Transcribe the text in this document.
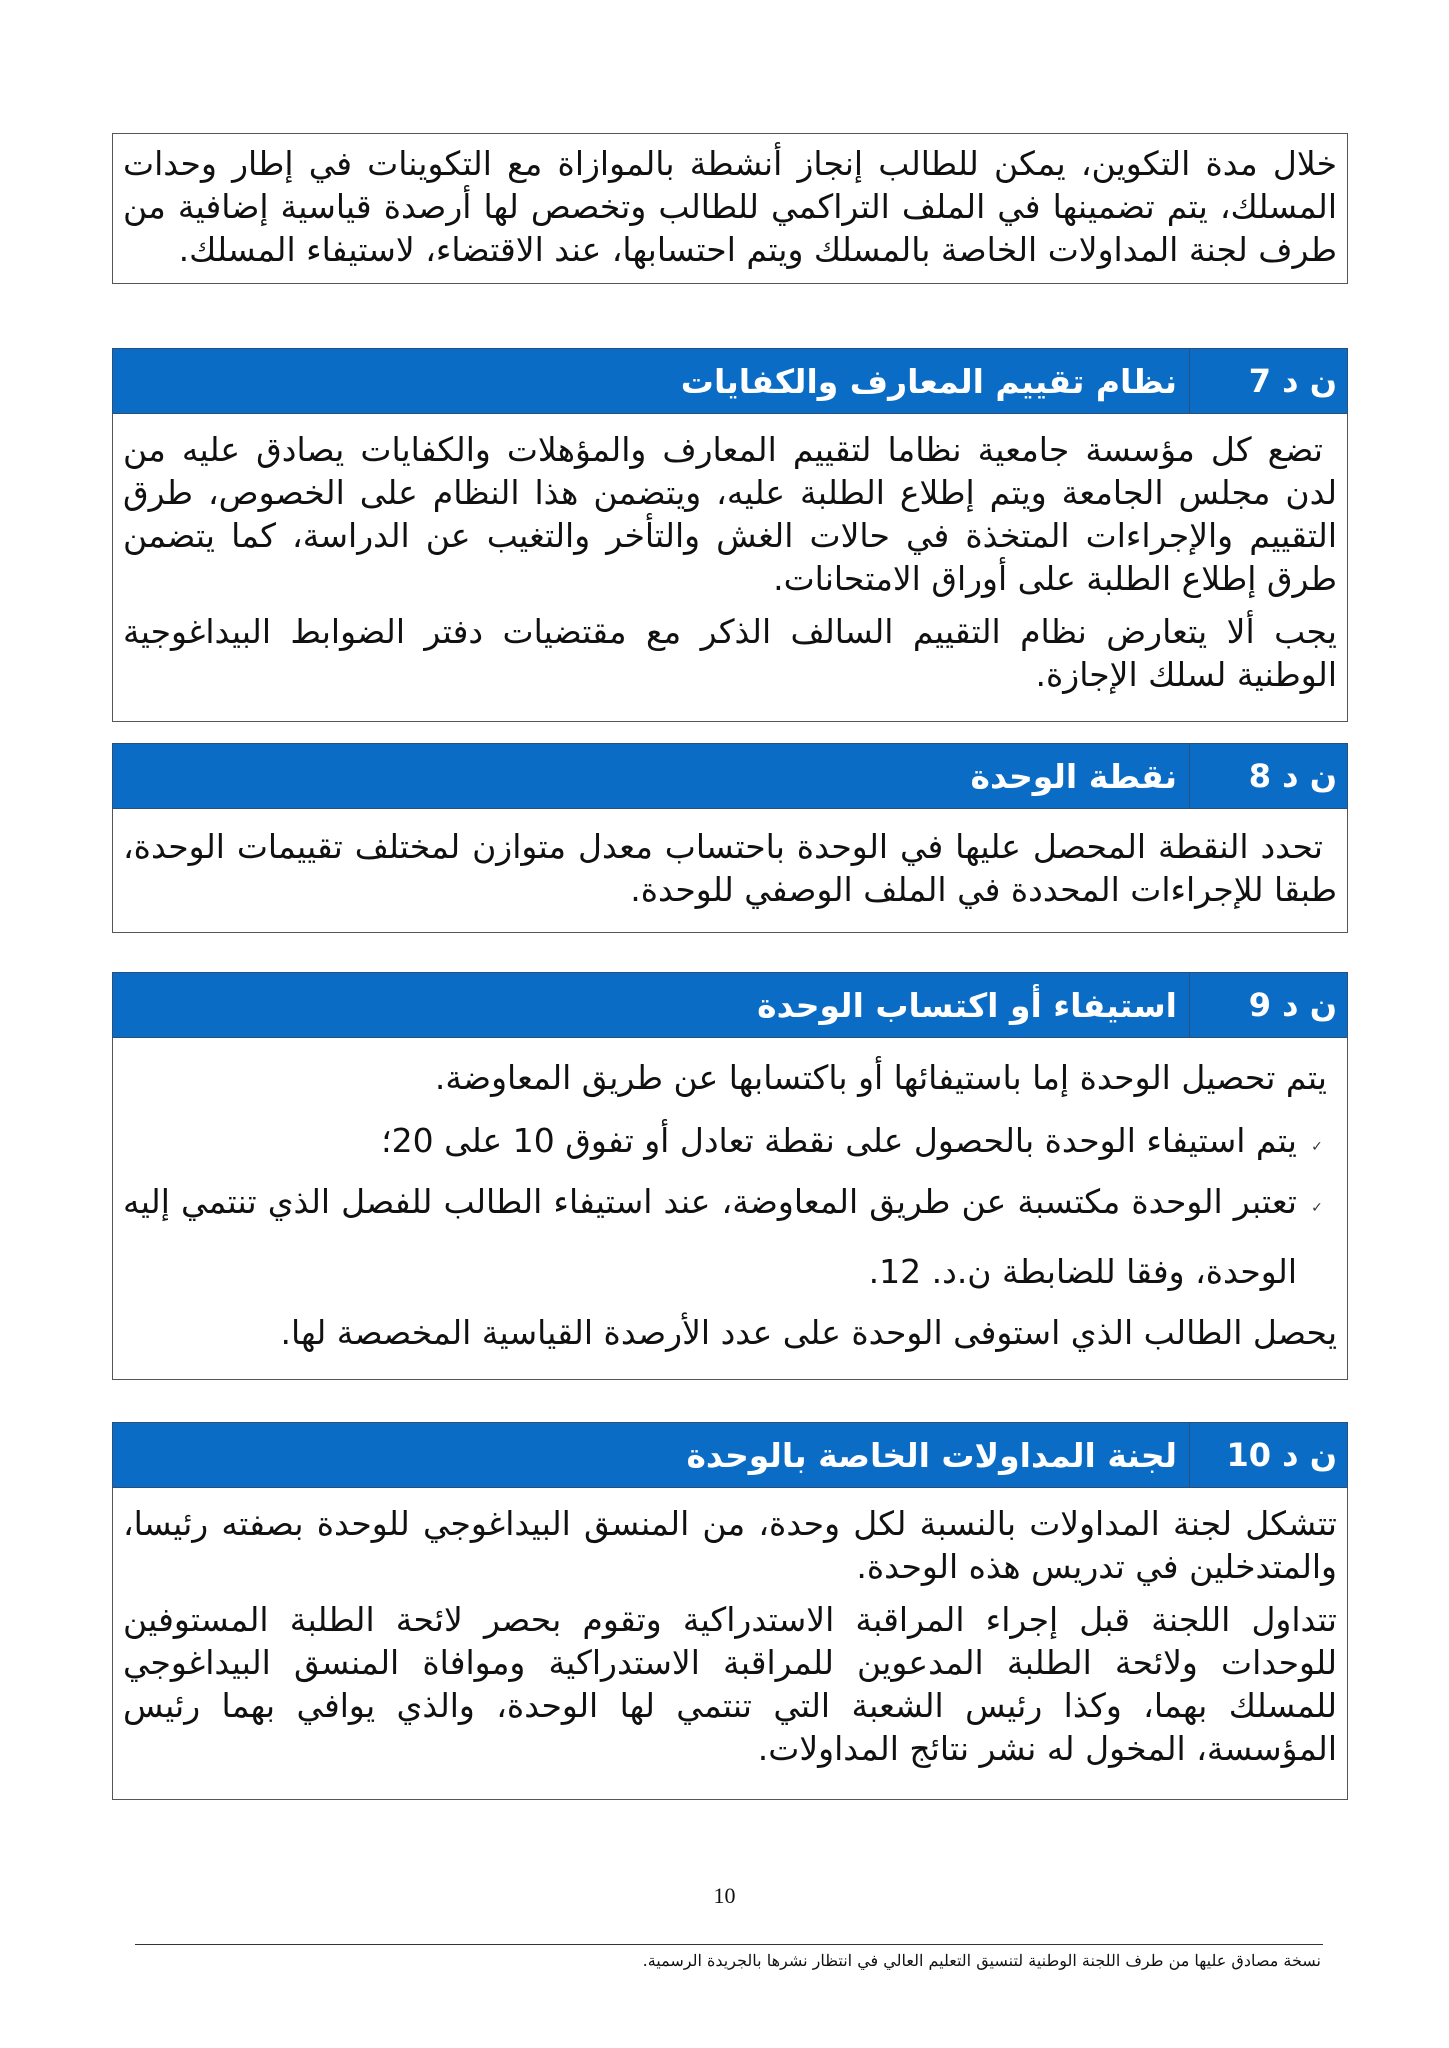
خلال مدة التكوين، يمكن للطالب إنجاز أنشطة بالموازاة مع التكوينات في إطار وحدات المسلك، يتم تضمينها في الملف التراكمي للطالب وتخصص لها أرصدة قياسية إضافية من طرف لجنة المداولات الخاصة بالمسلك ويتم احتسابها، عند الاقتضاء، لاستيفاء المسلك.

ن د 7
نظام تقييم المعارف والكفايات

تضع كل مؤسسة جامعية نظاما لتقييم المعارف والمؤهلات والكفايات يصادق عليه من لدن مجلس الجامعة ويتم إطلاع الطلبة عليه، ويتضمن هذا النظام على الخصوص، طرق التقييم والإجراءات المتخذة في حالات الغش والتأخر والتغيب عن الدراسة، كما يتضمن طرق إطلاع الطلبة على أوراق الامتحانات.

يجب ألا يتعارض نظام التقييم السالف الذكر مع مقتضيات دفتر الضوابط البيداغوجية الوطنية لسلك الإجازة.

ن د 8
نقطة الوحدة

تحدد النقطة المحصل عليها في الوحدة باحتساب معدل متوازن لمختلف تقييمات الوحدة، طبقا للإجراءات المحددة في الملف الوصفي للوحدة.

ن د 9
استيفاء أو اكتساب الوحدة

يتم تحصيل الوحدة إما باستيفائها أو باكتسابها عن طريق المعاوضة.

✓

يتم استيفاء الوحدة بالحصول على نقطة تعادل أو تفوق 10 على 20؛

✓

تعتبر الوحدة مكتسبة عن طريق المعاوضة، عند استيفاء الطالب للفصل الذي تنتمي إليه الوحدة، وفقا للضابطة ن.د. 12.

يحصل الطالب الذي استوفى الوحدة على عدد الأرصدة القياسية المخصصة لها.

ن د 10
لجنة المداولات الخاصة بالوحدة

تتشكل لجنة المداولات بالنسبة لكل وحدة، من المنسق البيداغوجي للوحدة بصفته رئيسا، والمتدخلين في تدريس هذه الوحدة.

تتداول اللجنة قبل إجراء المراقبة الاستدراكية وتقوم بحصر لائحة الطلبة المستوفين للوحدات ولائحة الطلبة المدعوين للمراقبة الاستدراكية وموافاة المنسق البيداغوجي للمسلك بهما، وكذا رئيس الشعبة التي تنتمي لها الوحدة، والذي يوافي بهما رئيس المؤسسة، المخول له نشر نتائج المداولات.

10
نسخة مصادق عليها من طرف اللجنة الوطنية لتنسيق التعليم العالي في انتظار نشرها بالجريدة الرسمية.
